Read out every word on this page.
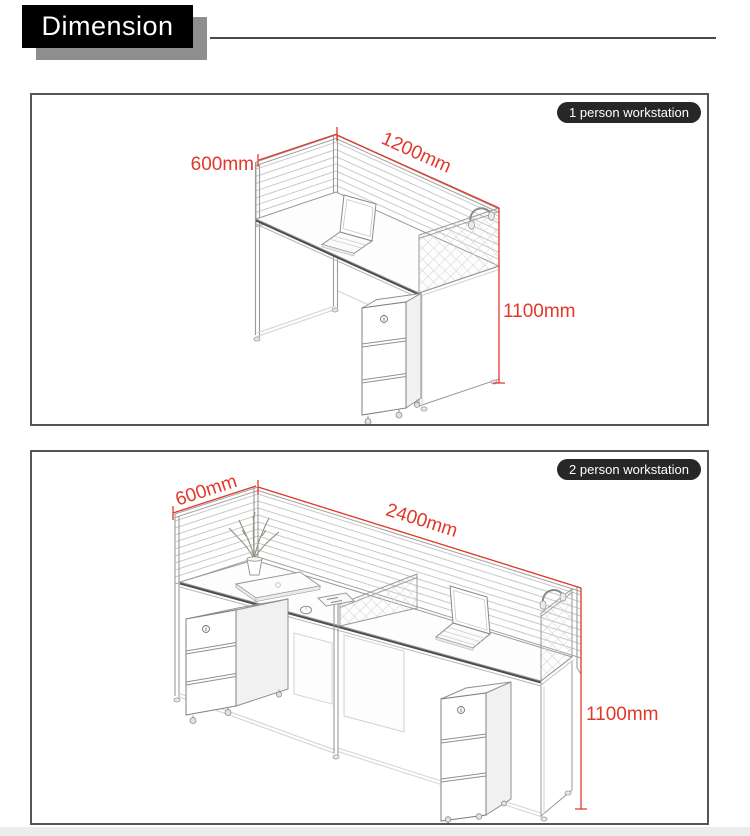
Dimension
600mm	1200mm
1100mm
1 person workstation
600mm
2400mm
1100mm
2 person workstation
